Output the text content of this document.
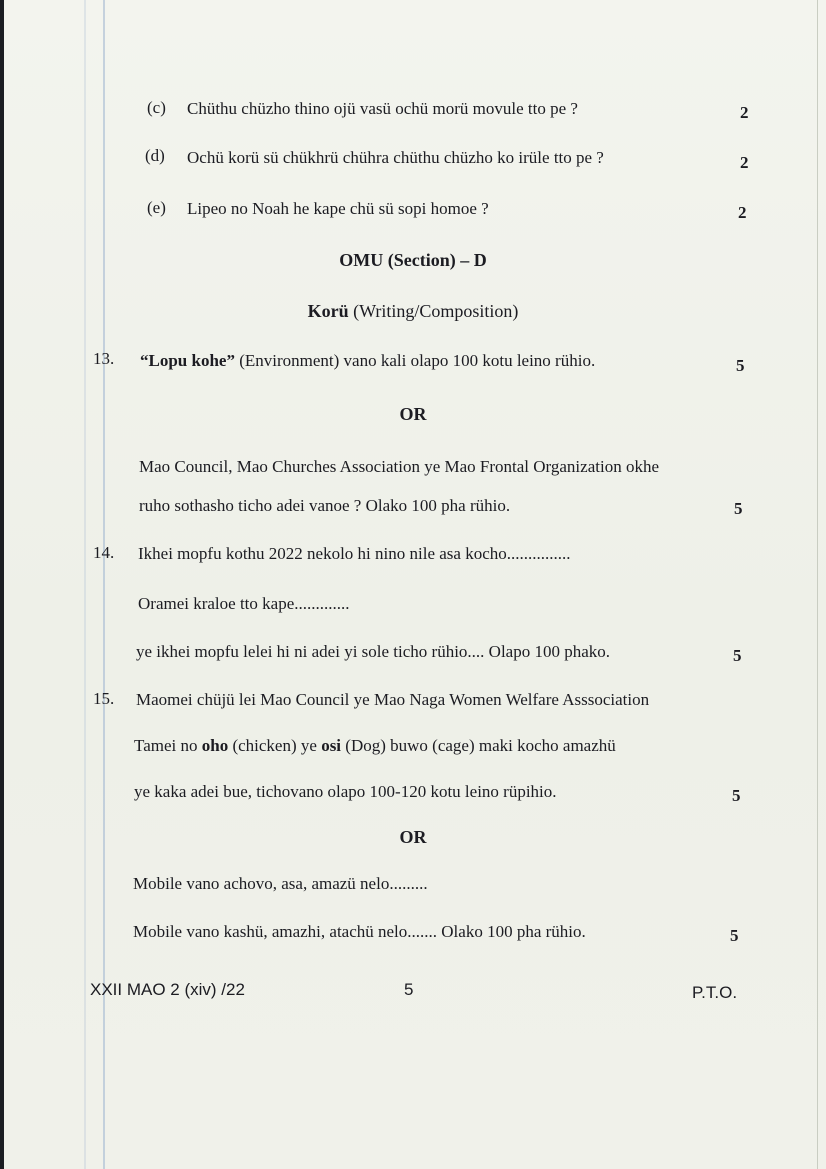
(c) Chüthu chüzho thino ojü vasü ochü morü movule tto pe ?	2
(d) Ochü korü sü chükhrü chühra chüthu chüzho ko irüle tto pe ?	2
(e) Lipeo no Noah he kape chü sü sopi homoe ?	2
OMU (Section) – D
Korü (Writing/Composition)
13. “Lopu kohe” (Environment) vano kali olapo 100 kotu leino rühio.	5
OR
Mao Council, Mao Churches Association ye Mao Frontal Organization okhe
ruho sothasho ticho adei vanoe ? Olako 100 pha rühio.	5
14. Ikhei mopfu kothu 2022 nekolo hi nino nile asa kocho...............
Oramei kraloe tto kape.............
ye ikhei mopfu lelei hi ni adei yi sole ticho rühio.... Olapo 100 phako.	5
15. Maomei chüjü lei Mao Council ye Mao Naga Women Welfare Asssociation
Tamei no oho (chicken) ye osi (Dog) buwo (cage) maki kocho amazhü
ye kaka adei bue, tichovano olapo 100-120 kotu leino rüpihio.	5
OR
Mobile vano achovo, asa, amazü nelo.........
Mobile vano kashü, amazhi, atachü nelo....... Olako 100 pha rühio.	5
XXII MAO 2 (xiv) /22	5	P.T.O.
